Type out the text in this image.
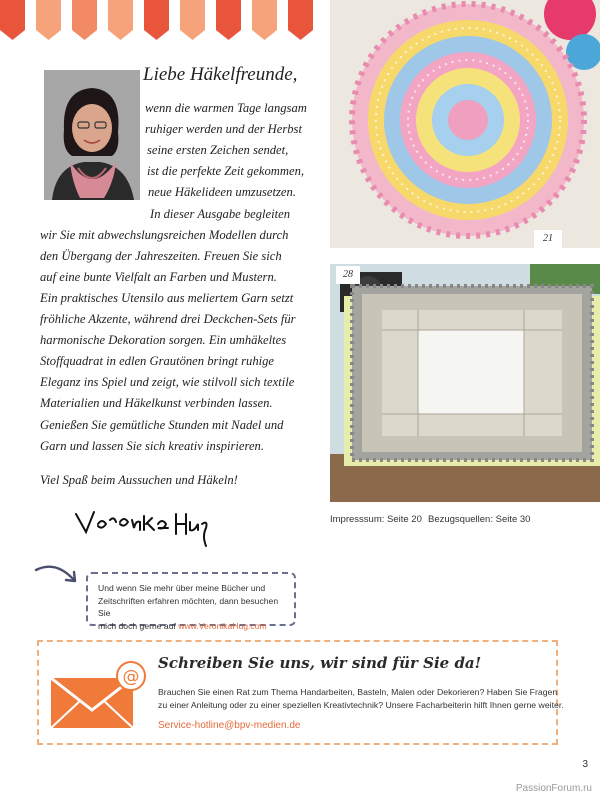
Liebe Häkelfreunde,
wenn die warmen Tage langsam
ruhiger werden und der Herbst
seine ersten Zeichen sendet,
ist die perfekte Zeit gekommen,
neue Häkelideen umzusetzen.
In dieser Ausgabe begleiten
wir Sie mit abwechslungsreichen Modellen durch
den Übergang der Jahreszeiten. Freuen Sie sich
auf eine bunte Vielfalt an Farben und Mustern.
Ein praktisches Utensilo aus meliertem Garn setzt
fröhliche Akzente, während drei Deckchen-Sets für
harmonische Dekoration sorgen. Ein umhäkeltes
Stoffquadrat in edlen Grautönen bringt ruhige
Eleganz ins Spiel und zeigt, wie stilvoll sich textile
Materialien und Häkelkunst verbinden lassen.
Genießen Sie gemütliche Stunden mit Nadel und
Garn und lassen Sie sich kreativ inspirieren.
Viel Spaß beim Aussuchen und Häkeln!
Und wenn Sie mehr über meine Bücher und
Zeitschriften erfahren möchten, dann besuchen Sie
mich doch gerne auf www.VeronikaHug.com
21
28
Impresssum: Seite 20 Bezugsquellen: Seite 30
@
Schreiben Sie uns, wir sind für Sie da!
Brauchen Sie einen Rat zum Thema Handarbeiten, Basteln, Malen oder Dekorieren? Haben Sie Fragen
zu einer Anleitung oder zu einer speziellen Kreativtechnik? Unsere Facharbeiterin hilft Ihnen gerne weiter.
Service-hotline@bpv-medien.de
3
PassionForum.ru
